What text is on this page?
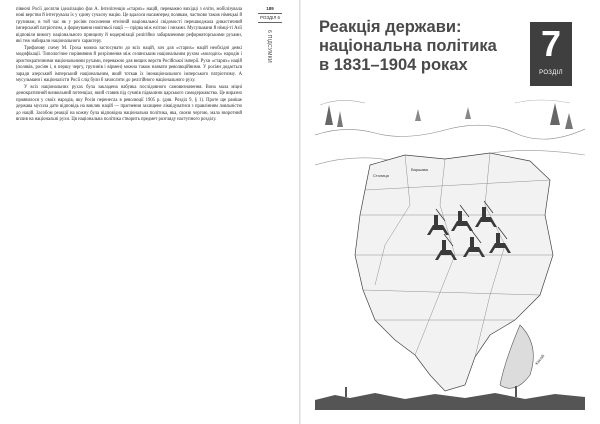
189
РОЗДІЛ 6
6 ПІДСУМКИ

півночі Росії досягли ідеалізацію фаз А. Інтелігенція «старих» націй, переважно вихідці з еліти, мобілізувала нові верстви й інтегрувала їх у єдину сучасну націю. Це вдалося насамперед полякам, частково також німецькі й грузинам, в той час як у росіян посилення етнічній національної свідомості перешкоджала династичний імперський патріотизм, а формування новітньої нації — прірва між елітою і низами. Мусульмани й німці-ті Азії відповіли вимогу національного принципу й модернізації релігійно забарвленими реформаторськими рухами, які теж набирали національного характеру.

Трифазову схему М. Гроха можна застосувати до всіх націй, хоч для «старих» націй необхідні деякі модифікації. Типологічне порівняння й розрізнення між селянським національним рухом «молодих» народів і аристократичними національними рухами, переважно для вищих верств Російської імперії. Рухи «старих» націй (поляків, росіян і, в першу чергу, грузинів і вірмен) можна також назвати революційними. У росіян додається заради азерський імперський національним, який тоткав їх інонаціонального імперського патріотизму. А мусульмани і націоналісти Росії слід були б зачислити до релігійного національного руху.

У всіх національних рухах була закладена набувка послідовного самовизначення. Вона мала міцні демократичний визвольний потенціал, який ставив під сумнів підвалини царського самодержавства. Це виразно проявилося у своїх народів, яку Росія перенесла в революції 1905 р. (див. Розділ 9, § 1). Проте ще раніше держава мусила дати відповідь на виклик націй — прагнення захищене ліквідуватися з правлінням лояльністю до націй. Засобом реакції на кожну була відповідна національна політика, яка, своєю чергою, мала зворотний вплив на національні рухи. Ця національна політика створить предмет розгляду наступного розділу.

Реакція держави:
національна політика
в 1831–1904 роках
7
РОЗДІЛ
Столиця
Варшава
Каспій
